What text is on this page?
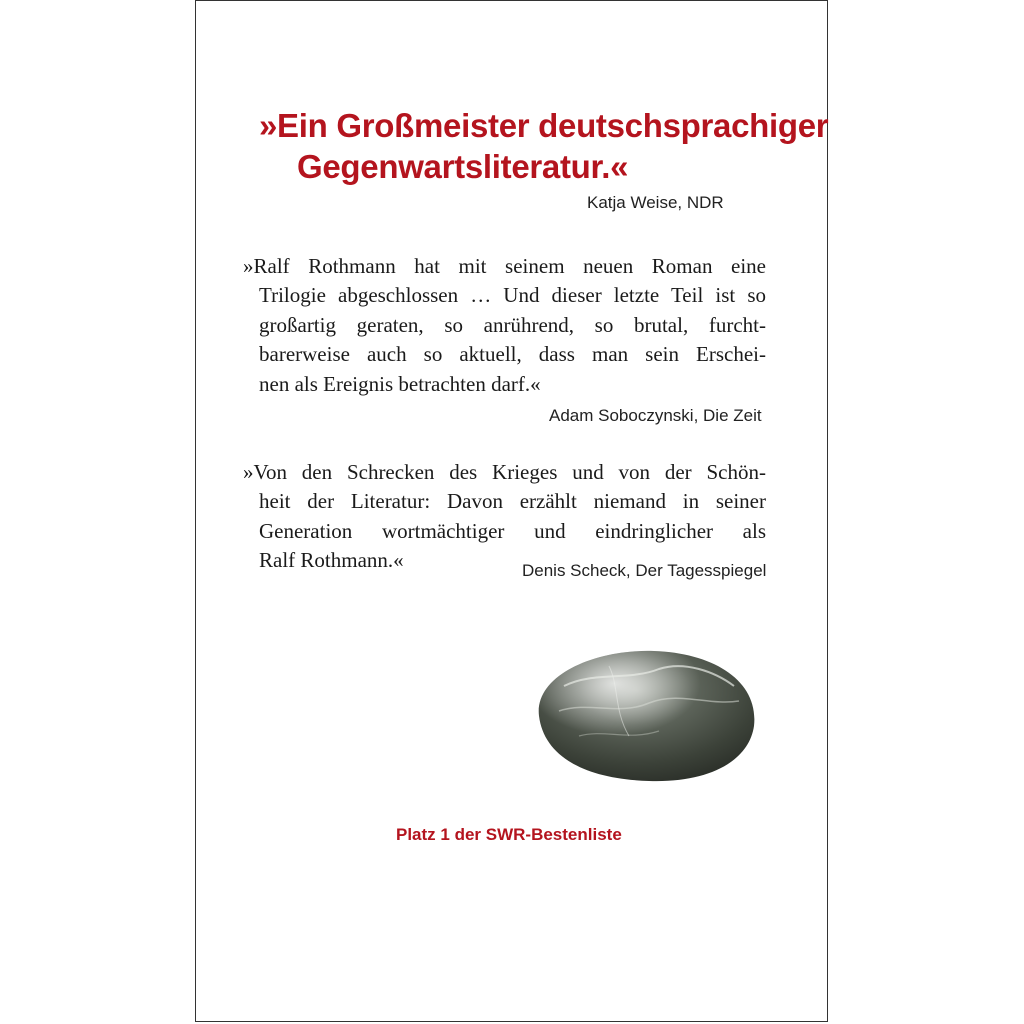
»Ein Großmeister deutschsprachiger
Gegenwartsliteratur.«
Katja Weise, NDR
»Ralf Rothmann hat mit seinem neuen Roman eine
Trilogie abgeschlossen … Und dieser letzte Teil ist so
großartig geraten, so anrührend, so brutal, furcht-
barerweise auch so aktuell, dass man sein Erschei-
nen als Ereignis betrachten darf.«
Adam Soboczynski, Die Zeit
»Von den Schrecken des Krieges und von der Schön-
heit der Literatur: Davon erzählt niemand in seiner
Generation wortmächtiger und eindringlicher als
Ralf Rothmann.«	Denis Scheck, Der Tagesspiegel
Platz 1 der SWR-Bestenliste
